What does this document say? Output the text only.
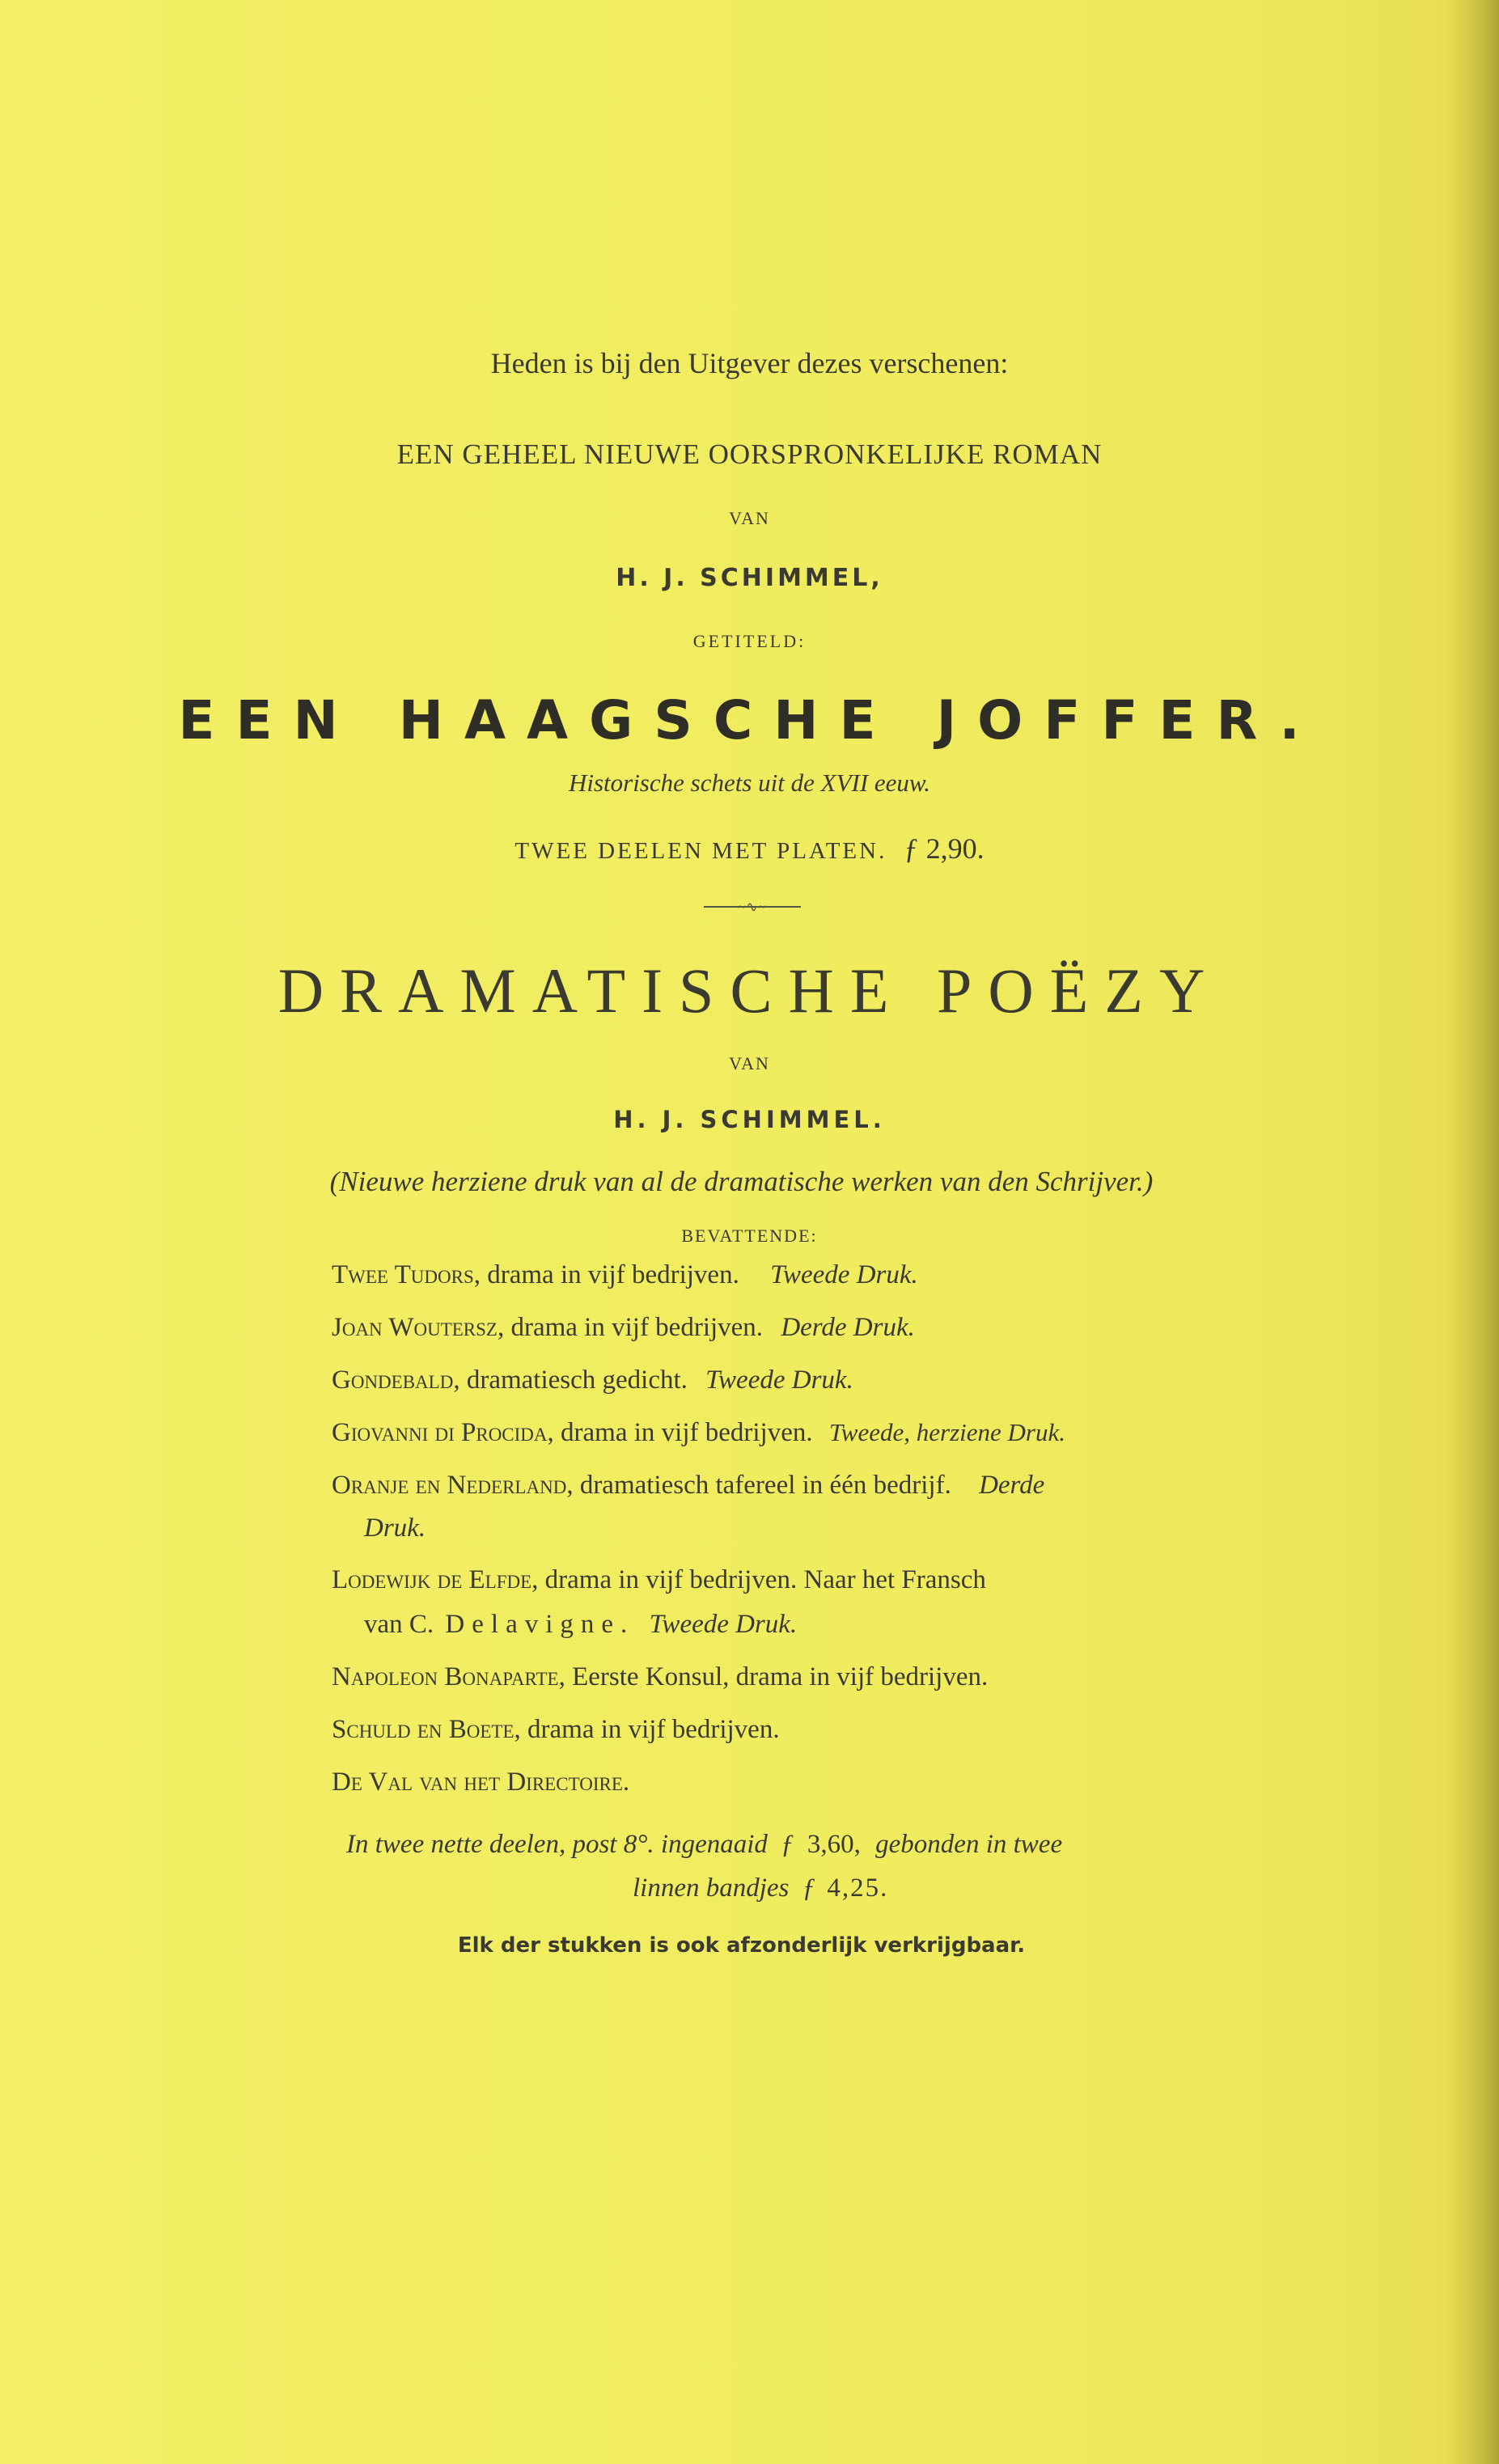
Heden is bij den Uitgever dezes verschenen:
EEN GEHEEL NIEUWE OORSPRONKELIJKE ROMAN
VAN
H. J. SCHIMMEL,
GETITELD:
EEN HAAGSCHE JOFFER.
Historische schets uit de XVII eeuw.
TWEE DEELEN MET PLATEN. ƒ 2,90.
~∿~
DRAMATISCHE POËZY
VAN
H. J. SCHIMMEL.
(Nieuwe herziene druk van al de dramatische werken van den Schrijver.)
BEVATTENDE:
Twee Tudors, drama in vijf bedrijven. Tweede Druk.
Joan Woutersz, drama in vijf bedrijven. Derde Druk.
Gondebald, dramatiesch gedicht. Tweede Druk.
Giovanni di Procida, drama in vijf bedrijven. Tweede, herziene Druk.
Oranje en Nederland, dramatiesch tafereel in één bedrijf. Derde
Druk.
Lodewijk de Elfde, drama in vijf bedrijven. Naar het Fransch
van C. Delavigne. Tweede Druk.
Napoleon Bonaparte, Eerste Konsul, drama in vijf bedrijven.
Schuld en Boete, drama in vijf bedrijven.
De Val van het Directoire.
In twee nette deelen, post 8°. ingenaaid ƒ 3,60, gebonden in twee
linnen bandjes ƒ 4,25.
Elk der stukken is ook afzonderlijk verkrijgbaar.
